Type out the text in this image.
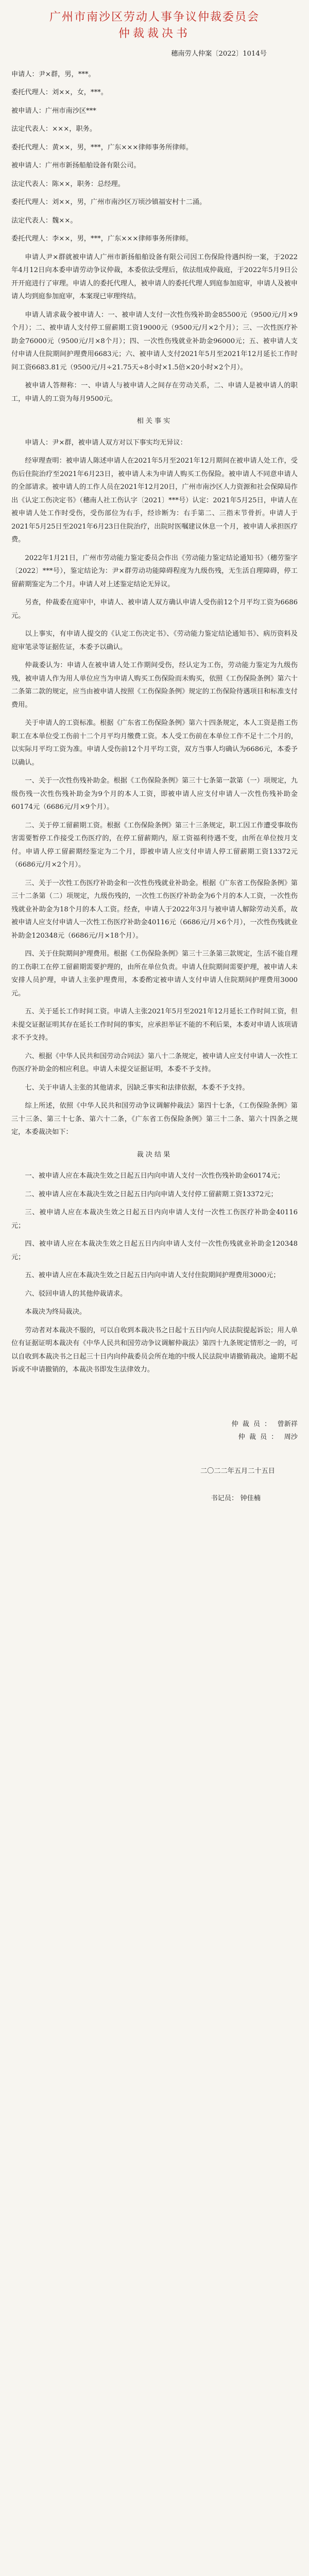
广州市南沙区劳动人事争议仲裁委员会
仲裁裁决书
穗南劳人仲案〔2022〕1014号

申请人：尹×群，男，***。

委托代理人：刘××，女，***。

被申请人：广州市南沙区***

法定代表人：×××，职务。

委托代理人：黄××，男，***，广东×××律师事务所律师。

被申请人：广州市新扬船舶设备有限公司。

法定代表人：陈××，职务：总经理。

委托代理人：刘××，男，广州市南沙区万顷沙镇福安村十二涌。

法定代表人：魏××。

委托代理人：李××，男，***，广东×××律师事务所律师。

申请人尹×群就被申请人广州市新扬船舶设备有限公司因工伤保险待遇纠纷一案，于2022年4月12日向本委申请劳动争议仲裁，本委依法受理后，依法组成仲裁庭，于2022年5月9日公开开庭进行了审理。申请人的委托代理人，被申请人的委托代理人到庭参加庭审，申请人及被申请人均到庭参加庭审，本案现已审理终结。

申请人请求裁令被申请人：一、被申请人支付一次性伤残补助金85500元（9500元/月×9个月）；二、被申请人支付停工留薪期工资19000元（9500元/月×2个月）；三、一次性医疗补助金76000元（9500元/月×8个月）；四、一次性伤残就业补助金96000元；五、被申请人支付申请人住院期间护理费用6683元；六、被申请人支付2021年5月至2021年12月延长工作时间工资6683.81元（9500元/月÷21.75天÷8小时×1.5倍×20小时×2个月）。

被申请人答辩称：一、申请人与被申请人之间存在劳动关系，二、申请人是被申请人的职工，申请人的工资为每月9500元。

相关事实

申请人：尹×群，被申请人双方对以下事实均无异议：

经审理查明：被申请人陈述申请人在2021年5月至2021年12月期间在被申请人处工作，受伤后住院治疗至2021年6月23日，被申请人未为申请人购买工伤保险。被申请人不同意申请人的全部请求。被申请人的工作人员在2021年12月20日，广州市南沙区人力资源和社会保障局作出《认定工伤决定书》（穗南人社工伤认字〔2021〕***号）认定：2021年5月25日，申请人在被申请人处工作时受伤，受伤部位为右手，经诊断为：右手第二、三指末节骨折。申请人于2021年5月25日至2021年6月23日住院治疗，出院时医嘱建议休息一个月，被申请人承担医疗费。

2022年1月21日，广州市劳动能力鉴定委员会作出《劳动能力鉴定结论通知书》（穗劳鉴字〔2022〕***号），鉴定结论为：尹×群劳动功能障碍程度为九级伤残，无生活自理障碍，停工留薪期鉴定为二个月。申请人对上述鉴定结论无异议。

另查，仲裁委在庭审中，申请人、被申请人双方确认申请人受伤前12个月平均工资为6686元。

以上事实，有申请人提交的《认定工伤决定书》、《劳动能力鉴定结论通知书》、病历资料及庭审笔录等证据佐证，本委予以确认。

仲裁委认为：申请人在被申请人处工作期间受伤，经认定为工伤，劳动能力鉴定为九级伤残，被申请人作为用人单位应当为申请人购买工伤保险而未购买，依照《工伤保险条例》第六十二条第二款的规定，应当由被申请人按照《工伤保险条例》规定的工伤保险待遇项目和标准支付费用。

关于申请人的工资标准。根据《广东省工伤保险条例》第六十四条规定，本人工资是指工伤职工在本单位受工伤前十二个月平均月缴费工资。本人受工伤前在本单位工作不足十二个月的，以实际月平均工资为准。申请人受伤前12个月平均工资，双方当事人均确认为6686元，本委予以确认。

一、关于一次性伤残补助金。根据《工伤保险条例》第三十七条第一款第（一）项规定，九级伤残一次性伤残补助金为9个月的本人工资，即被申请人应支付申请人一次性伤残补助金60174元（6686元/月×9个月）。

二、关于停工留薪期工资。根据《工伤保险条例》第三十三条规定，职工因工作遭受事故伤害需要暂停工作接受工伤医疗的，在停工留薪期内，原工资福利待遇不变，由所在单位按月支付。申请人停工留薪期经鉴定为二个月，即被申请人应支付申请人停工留薪期工资13372元（6686元/月×2个月）。

三、关于一次性工伤医疗补助金和一次性伤残就业补助金。根据《广东省工伤保险条例》第三十二条第（二）项规定，九级伤残的，一次性工伤医疗补助金为6个月的本人工资，一次性伤残就业补助金为18个月的本人工资。经查，申请人于2022年3月与被申请人解除劳动关系，故被申请人应支付申请人一次性工伤医疗补助金40116元（6686元/月×6个月），一次性伤残就业补助金120348元（6686元/月×18个月）。

四、关于住院期间护理费用。根据《工伤保险条例》第三十三条第三款规定，生活不能自理的工伤职工在停工留薪期需要护理的，由所在单位负责。申请人住院期间需要护理，被申请人未安排人员护理，申请人主张护理费用，本委酌定被申请人支付申请人住院期间护理费用3000元。

五、关于延长工作时间工资。申请人主张2021年5月至2021年12月延长工作时间工资，但未提交证据证明其存在延长工作时间的事实，应承担举证不能的不利后果，本委对申请人该项请求不予支持。

六、根据《中华人民共和国劳动合同法》第八十二条规定，被申请人应支付申请人一次性工伤医疗补助金的相应利息。申请人未提交证据证明，本委不予支持。

七、关于申请人主张的其他请求，因缺乏事实和法律依据，本委不予支持。

综上所述，依照《中华人民共和国劳动争议调解仲裁法》第四十七条，《工伤保险条例》第三十三条、第三十七条、第六十二条，《广东省工伤保险条例》第三十二条、第六十四条之规定，本委裁决如下：

裁决结果

一、被申请人应在本裁决生效之日起五日内向申请人支付一次性伤残补助金60174元；

二、被申请人应在本裁决生效之日起五日内向申请人支付停工留薪期工资13372元；

三、被申请人应在本裁决生效之日起五日内向申请人支付一次性工伤医疗补助金40116元；

四、被申请人应在本裁决生效之日起五日内向申请人支付一次性伤残就业补助金120348元；

五、被申请人应在本裁决生效之日起五日内向申请人支付住院期间护理费用3000元；

六、驳回申请人的其他仲裁请求。

本裁决为终局裁决。

劳动者对本裁决不服的，可以自收到本裁决书之日起十五日内向人民法院提起诉讼；用人单位有证据证明本裁决有《中华人民共和国劳动争议调解仲裁法》第四十九条规定情形之一的，可以自收到本裁决书之日起三十日内向仲裁委员会所在地的中级人民法院申请撤销裁决。逾期不起诉或不申请撤销的，本裁决书即发生法律效力。

仲裁员： 曾新祥
仲裁员： 周沙
二〇二二年五月二十五日
书记员： 钟佳楠
